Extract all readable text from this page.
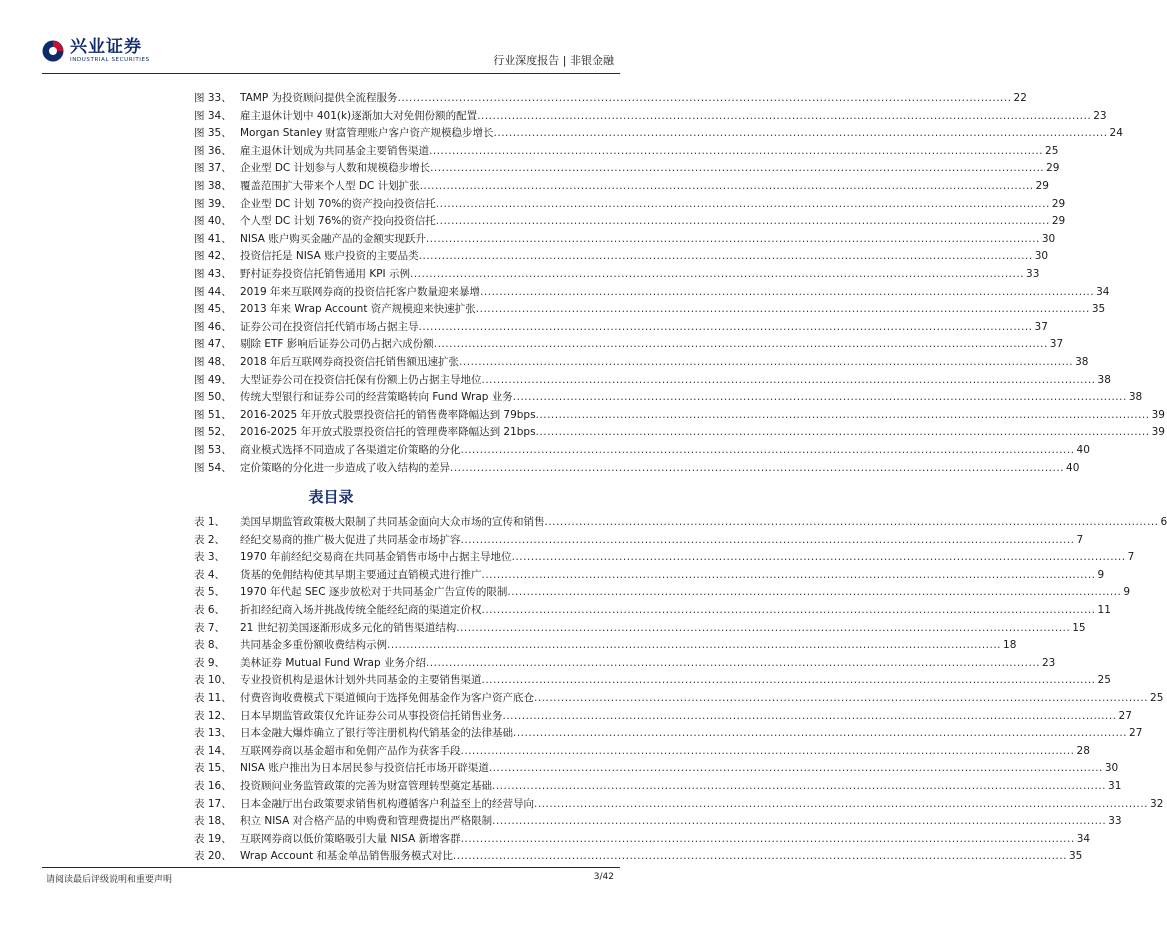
兴业证券
INDUSTRIAL SECURITIES	行业深度报告 | 非银金融
图 33、 TAMP 为投资顾问提供全流程服务 ................................................................................................................................................................ 22
图 34、 雇主退休计划中 401(k)逐渐加大对免佣份额的配置 ................................................................................................................................................................ 23
图 35、 Morgan Stanley 财富管理账户客户资产规模稳步增长 ................................................................................................................................................................ 24
图 36、 雇主退休计划成为共同基金主要销售渠道 ................................................................................................................................................................ 25
图 37、 企业型 DC 计划参与人数和规模稳步增长 ................................................................................................................................................................ 29
图 38、 覆盖范围扩大带来个人型 DC 计划扩张 ................................................................................................................................................................ 29
图 39、 企业型 DC 计划 70%的资产投向投资信托 ................................................................................................................................................................ 29
图 40、 个人型 DC 计划 76%的资产投向投资信托 ................................................................................................................................................................ 29
图 41、 NISA 账户购买金融产品的金额实现跃升 ................................................................................................................................................................ 30
图 42、 投资信托是 NISA 账户投资的主要品类 ................................................................................................................................................................ 30
图 43、 野村证券投资信托销售通用 KPI 示例 ................................................................................................................................................................ 33
图 44、 2019 年来互联网券商的投资信托客户数量迎来暴增 ................................................................................................................................................................ 34
图 45、 2013 年来 Wrap Account 资产规模迎来快速扩张 ................................................................................................................................................................ 35
图 46、 证券公司在投资信托代销市场占据主导 ................................................................................................................................................................ 37
图 47、 剔除 ETF 影响后证券公司仍占据六成份额 ................................................................................................................................................................ 37
图 48、 2018 年后互联网券商投资信托销售额迅速扩张 ................................................................................................................................................................ 38
图 49、 大型证券公司在投资信托保有份额上仍占据主导地位 ................................................................................................................................................................ 38
图 50、 传统大型银行和证券公司的经营策略转向 Fund Wrap 业务 ................................................................................................................................................................ 38
图 51、 2016-2025 年开放式股票投资信托的销售费率降幅达到 79bps ................................................................................................................................................................ 39
图 52、 2016-2025 年开放式股票投资信托的管理费率降幅达到 21bps ................................................................................................................................................................ 39
图 53、 商业模式选择不同造成了各渠道定价策略的分化 ................................................................................................................................................................ 40
图 54、 定价策略的分化进一步造成了收入结构的差异 ................................................................................................................................................................ 40
表目录
表 1、	美国早期监管政策极大限制了共同基金面向大众市场的宣传和销售 ................................................................................................................................................................ 6
表 2、	经纪交易商的推广极大促进了共同基金市场扩容 ................................................................................................................................................................ 7
表 3、	1970 年前经纪交易商在共同基金销售市场中占据主导地位 ................................................................................................................................................................ 7
表 4、	货基的免佣结构使其早期主要通过直销模式进行推广 ................................................................................................................................................................ 9
表 5、	1970 年代起 SEC 逐步放松对于共同基金广告宣传的限制 ................................................................................................................................................................ 9
表 6、	折扣经纪商入场并挑战传统全能经纪商的渠道定价权 ................................................................................................................................................................ 11
表 7、	21 世纪初美国逐渐形成多元化的销售渠道结构 ................................................................................................................................................................ 15
表 8、	共同基金多重份额收费结构示例 ................................................................................................................................................................ 18
表 9、	美林证券 Mutual Fund Wrap 业务介绍 ................................................................................................................................................................ 23
表 10、 专业投资机构是退休计划外共同基金的主要销售渠道 ................................................................................................................................................................ 25
表 11、 付费咨询收费模式下渠道倾向于选择免佣基金作为客户资产底仓 ................................................................................................................................................................ 25
表 12、 日本早期监管政策仅允许证券公司从事投资信托销售业务 ................................................................................................................................................................ 27
表 13、 日本金融大爆炸确立了银行等注册机构代销基金的法律基础 ................................................................................................................................................................ 27
表 14、 互联网券商以基金超市和免佣产品作为获客手段 ................................................................................................................................................................ 28
表 15、 NISA 账户推出为日本居民参与投资信托市场开辟渠道 ................................................................................................................................................................ 30
表 16、 投资顾问业务监管政策的完善为财富管理转型奠定基础 ................................................................................................................................................................ 31
表 17、 日本金融厅出台政策要求销售机构遵循客户利益至上的经营导向 ................................................................................................................................................................ 32
表 18、 积立 NISA 对合格产品的申购费和管理费提出严格限制 ................................................................................................................................................................ 33
表 19、 互联网券商以低价策略吸引大量 NISA 新增客群 ................................................................................................................................................................ 34
表 20、 Wrap Account 和基金单品销售服务模式对比 ................................................................................................................................................................ 35
请阅读最后评级说明和重要声明	3/42
